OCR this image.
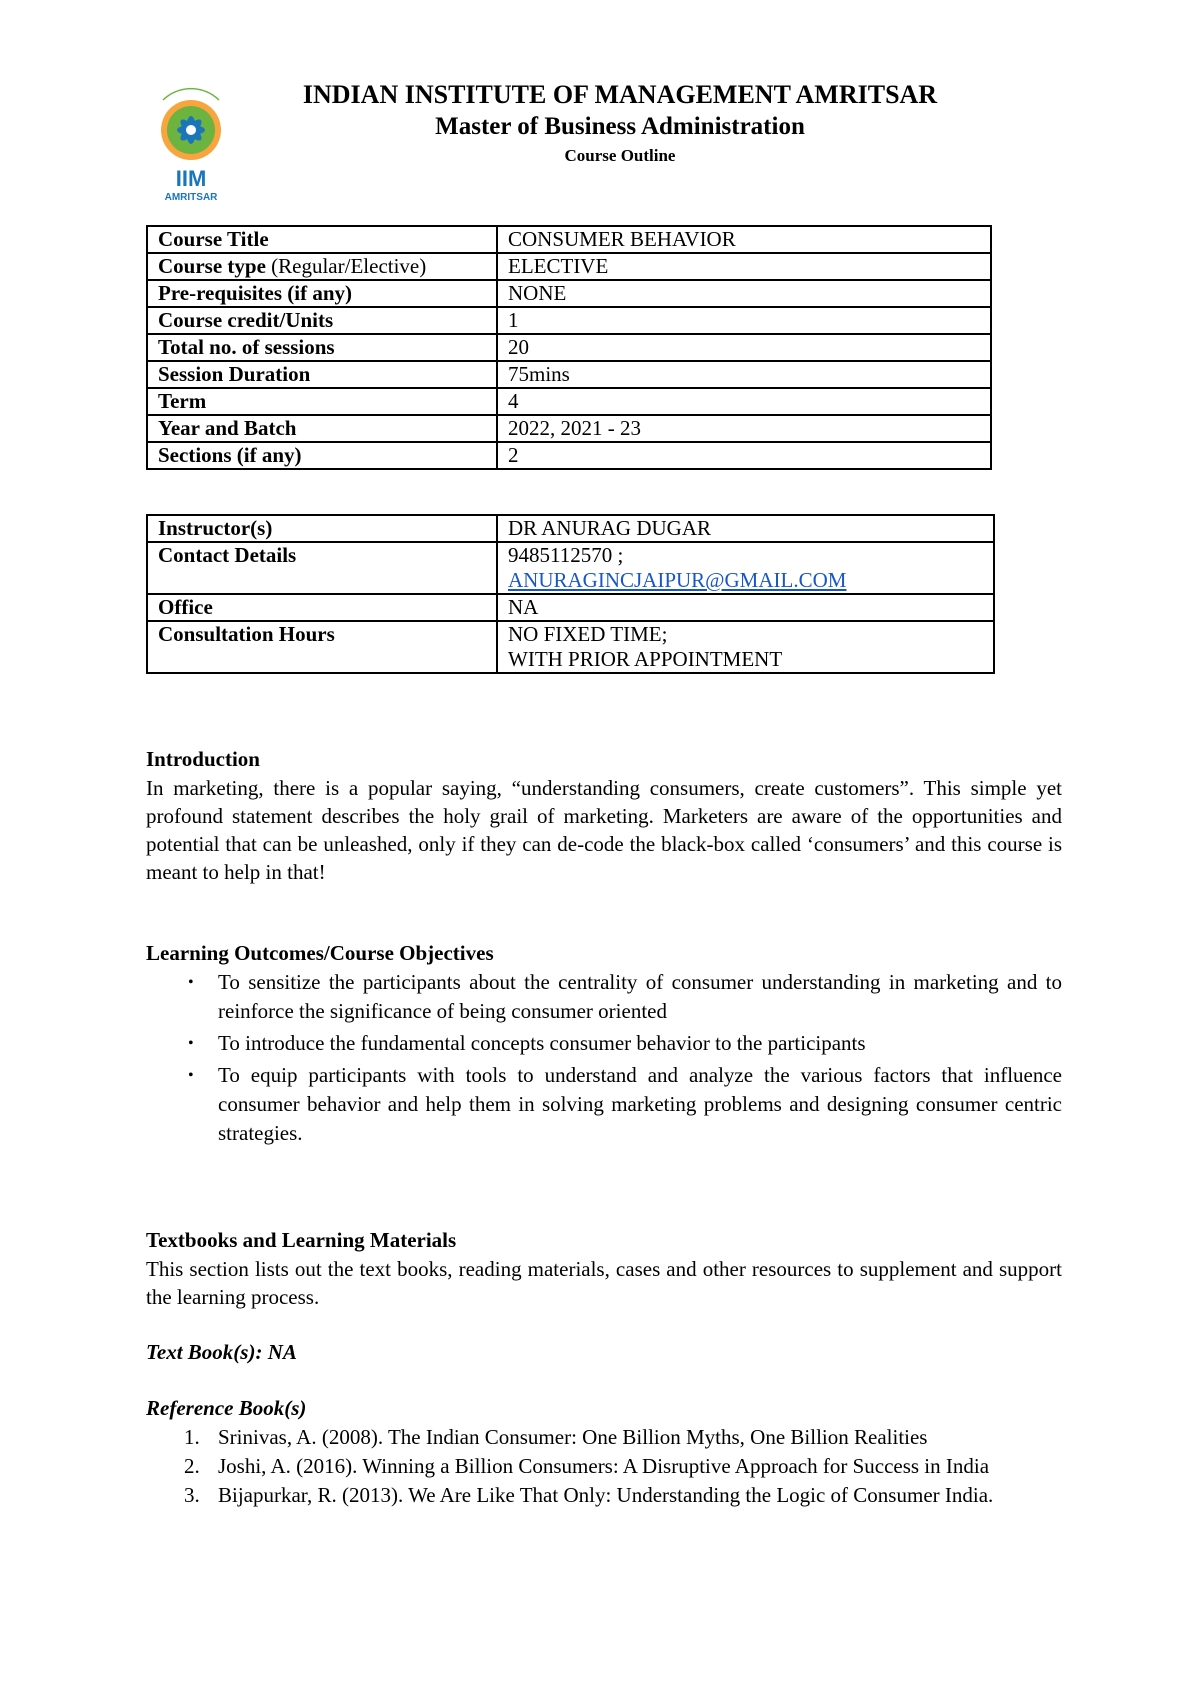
IIM
AMRITSAR
INDIAN INSTITUTE OF MANAGEMENT AMRITSAR
Master of Business Administration
Course Outline
Course Title	CONSUMER BEHAVIOR
Course type (Regular/Elective)	ELECTIVE
Pre-requisites (if any)	NONE
Course credit/Units	1
Total no. of sessions	20
Session Duration	75mins
Term	4
Year and Batch	2022, 2021 - 23
Sections (if any)	2
Instructor(s)	DR ANURAG DUGAR
Contact Details	9485112570 ;
ANURAGINCJAIPUR@GMAIL.COM

Office	NA
Consultation Hours	NO FIXED TIME;
WITH PRIOR APPOINTMENT
Introduction
In marketing, there is a popular saying, “understanding consumers, create customers”. This simple yet profound statement describes the holy grail of marketing. Marketers are aware of the opportunities and potential that can be unleashed, only if they can de-code the black-box called ‘consumers’ and this course is meant to help in that!
Learning Outcomes/Course Objectives
• To sensitize the participants about the centrality of consumer understanding in marketing and to reinforce the significance of being consumer oriented
• To introduce the fundamental concepts consumer behavior to the participants
• To equip participants with tools to understand and analyze the various factors that influence consumer behavior and help them in solving marketing problems and designing consumer centric strategies.
Textbooks and Learning Materials
This section lists out the text books, reading materials, cases and other resources to supplement and support the learning process.
Text Book(s): NA
Reference Book(s)
1. Srinivas, A. (2008). The Indian Consumer: One Billion Myths, One Billion Realities
2. Joshi, A. (2016). Winning a Billion Consumers: A Disruptive Approach for Success in India
3. Bijapurkar, R. (2013). We Are Like That Only: Understanding the Logic of Consumer India.
